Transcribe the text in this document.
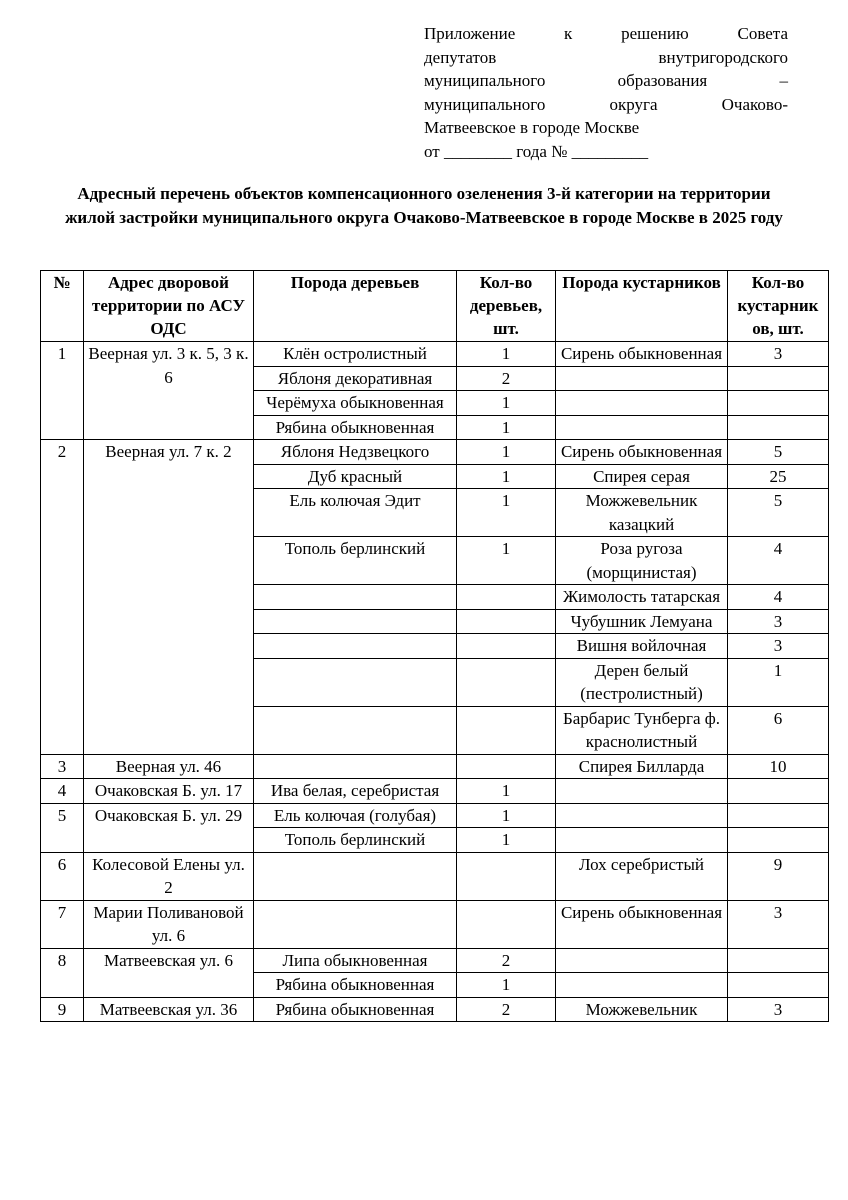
Приложение к решению Совета
депутатов внутригородского
муниципального образования –
муниципального округа Очаково-
Матвеевское в городе Москве
от ________ года № _________
Адресный перечень объектов компенсационного озеленения 3-й категории на территории жилой застройки муниципального округа Очаково-Матвеевское в городе Москве в 2025 году
№	Адрес дворовой территории по АСУ ОДС	Порода деревьев	Кол-во деревьев, шт.	Порода кустарников	Кол-во кустарник ов, шт.
1	Веерная ул. 3 к. 5, 3 к. 6	Клён остролистный	1	Сирень обыкновенная	3
		Яблоня декоративная	2		
		Черёмуха обыкновенная	1		
		Рябина обыкновенная	1		
2	Веерная ул. 7 к. 2	Яблоня Недзвецкого	1	Сирень обыкновенная	5
		Дуб красный	1	Спирея серая	25
		Ель колючая Эдит	1	Можжевельник казацкий	5
		Тополь берлинский	1	Роза ругоза (морщинистая)	4
				Жимолость татарская	4
				Чубушник Лемуана	3
				Вишня войлочная	3
				Дерен белый (пестролистный)	1
				Барбарис Тунберга ф. краснолистный	6
3	Веерная ул. 46			Спирея Билларда	10
4	Очаковская Б. ул. 17	Ива белая, серебристая	1		
5	Очаковская Б. ул. 29	Ель колючая (голубая)	1		
		Тополь берлинский	1		
6	Колесовой Елены ул. 2			Лох серебристый	9
7	Марии Поливановой ул. 6			Сирень обыкновенная	3
8	Матвеевская ул. 6	Липа обыкновенная	2		
		Рябина обыкновенная	1		
9	Матвеевская ул. 36	Рябина обыкновенная	2	Можжевельник	3
